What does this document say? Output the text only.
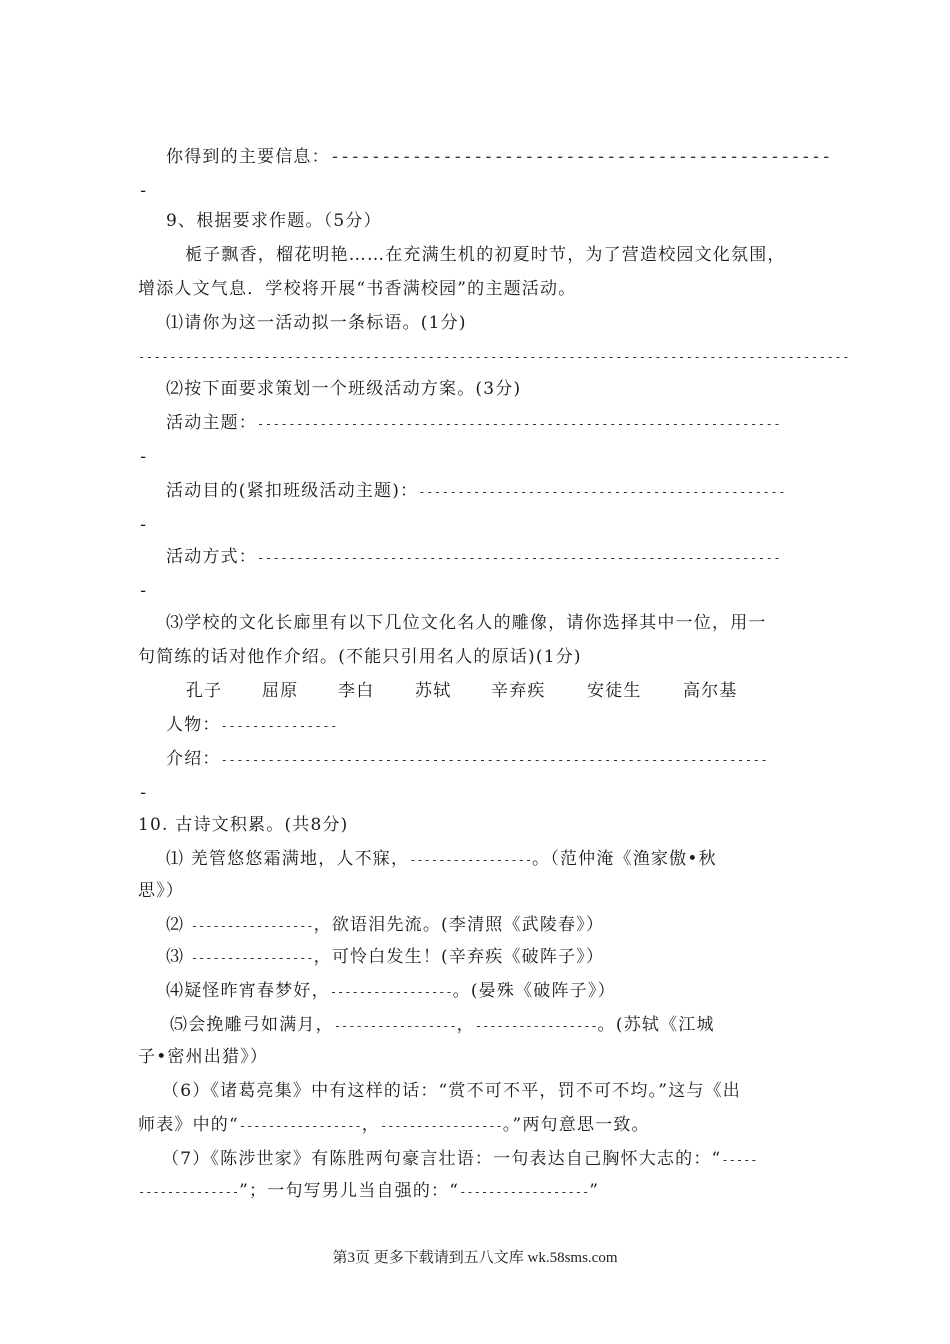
你得到的主要信息：-------------------------------------------------
-
9、根据要求作题。（5分）
栀子飘香，榴花明艳……在充满生机的初夏时节，为了营造校园文化氛围，
增添人文气息．学校将开展“书香满校园”的主题活动。
⑴请你为这一活动拟一条标语。(1分)
-------------------------------------------------------------------------------------------
⑵按下面要求策划一个班级活动方案。(3分)
活动主题：-------------------------------------------------------------------
-
活动目的(紧扣班级活动主题)：-----------------------------------------------
-
活动方式：-------------------------------------------------------------------
-
⑶学校的文化长廊里有以下几位文化名人的雕像，请你选择其中一位，用一
句简练的话对他作介绍。(不能只引用名人的原话)(1分)
孔子 屈原 李白 苏轼 辛弃疾 安徒生 高尔基
人物：---------------
介绍：----------------------------------------------------------------------
-
10. 古诗文积累。(共8分)
⑴ 羌管悠悠霜满地，人不寐，-----------------。（范仲淹《渔家傲•秋
思》）
⑵ -----------------，欲语泪先流。(李清照《武陵春》）
⑶ -----------------，可怜白发生！(辛弃疾《破阵子》）
⑷疑怪昨宵春梦好，-----------------。(晏殊《破阵子》）
⑸会挽雕弓如满月，-----------------，-----------------。(苏轼《江城
子•密州出猎》）
（6）《诸葛亮集》中有这样的话：“赏不可不平，罚不可不均。”这与《出
师表》中的“-----------------，-----------------。”两句意思一致。
（7）《陈涉世家》有陈胜两句豪言壮语：一句表达自己胸怀大志的：“-----
--------------”；一句写男儿当自强的：“------------------”
第3页 更多下载请到五八文库 wk.58sms.com
